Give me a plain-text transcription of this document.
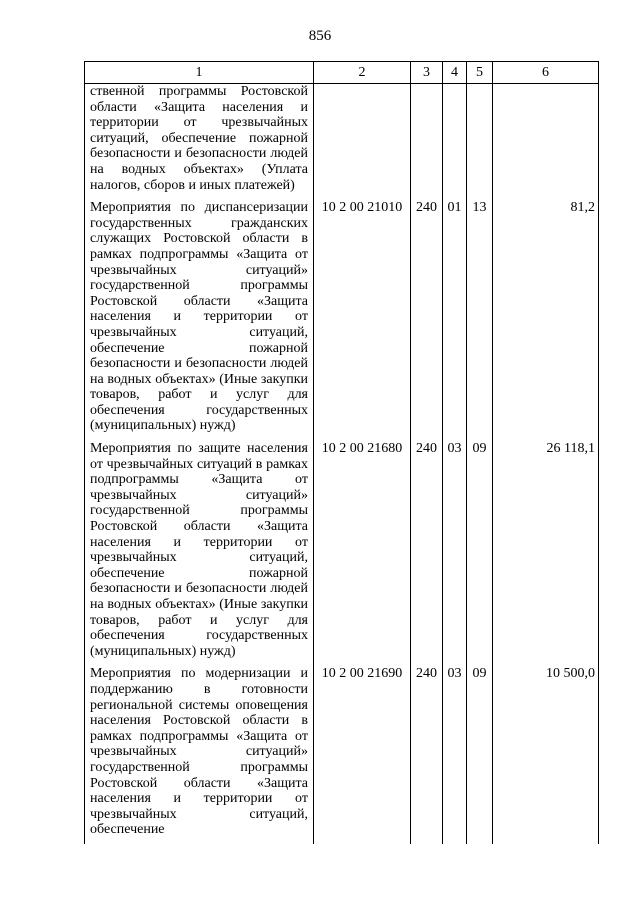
856
1	2	3	4	5	6
ственной программы Ростовской области «Защита населения и территории от чрезвычайных ситуаций, обеспечение пожарной безопасности и безопасности людей на водных объектах» (Уплата налогов, сборов и иных платежей)					
Мероприятия по диспансеризации государственных гражданских служащих Ростовской области в рамках подпрограммы «Защита от чрезвычайных ситуаций» государственной программы Ростовской области «Защита населения и территории от чрезвычайных ситуаций, обеспечение пожарной безопасности и безопасности людей на водных объектах» (Иные закупки товаров, работ и услуг для обеспечения государственных (муниципальных) нужд)	10 2 00 21010	240	01	13	81,2
Мероприятия по защите населения от чрезвычайных ситуаций в рамках подпрограммы «Защита от чрезвычайных ситуаций» государственной программы Ростовской области «Защита населения и территории от чрезвычайных ситуаций, обеспечение пожарной безопасности и безопасности людей на водных объектах» (Иные закупки товаров, работ и услуг для обеспечения государственных (муниципальных) нужд)	10 2 00 21680	240	03	09	26 118,1
Мероприятия по модернизации и поддержанию в готовности региональной системы оповещения населения Ростовской области в рамках подпрограммы «Защита от чрезвычайных ситуаций» государственной программы Ростовской области «Защита населения и территории от чрезвычайных ситуаций, обеспечение	10 2 00 21690	240	03	09	10 500,0
